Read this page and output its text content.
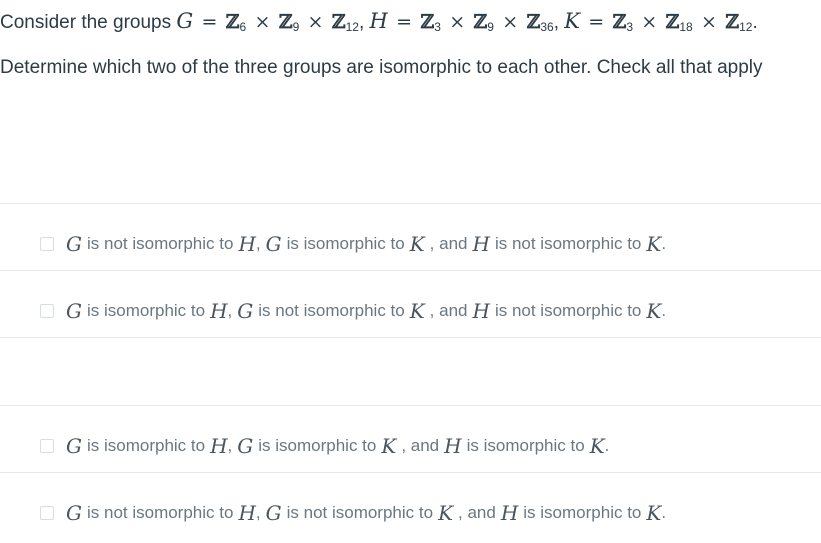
Consider the groups G = ℤ$_6$ × ℤ$_9$ × ℤ$_{12}$, H = ℤ$_3$ × ℤ$_9$ × ℤ$_{36}$, K = ℤ$_3$ × ℤ$_{18}$ × ℤ$_{12}$.
Determine which two of the three groups are isomorphic to each other. Check all that apply
G is not isomorphic to H , G is isomorphic to K , and H is not isomorphic to K .
G is isomorphic to H , G is not isomorphic to K , and H is not isomorphic to K .
G is isomorphic to H , G is isomorphic to K , and H is isomorphic to K .
G is not isomorphic to H , G is not isomorphic to K , and H is isomorphic to K .
